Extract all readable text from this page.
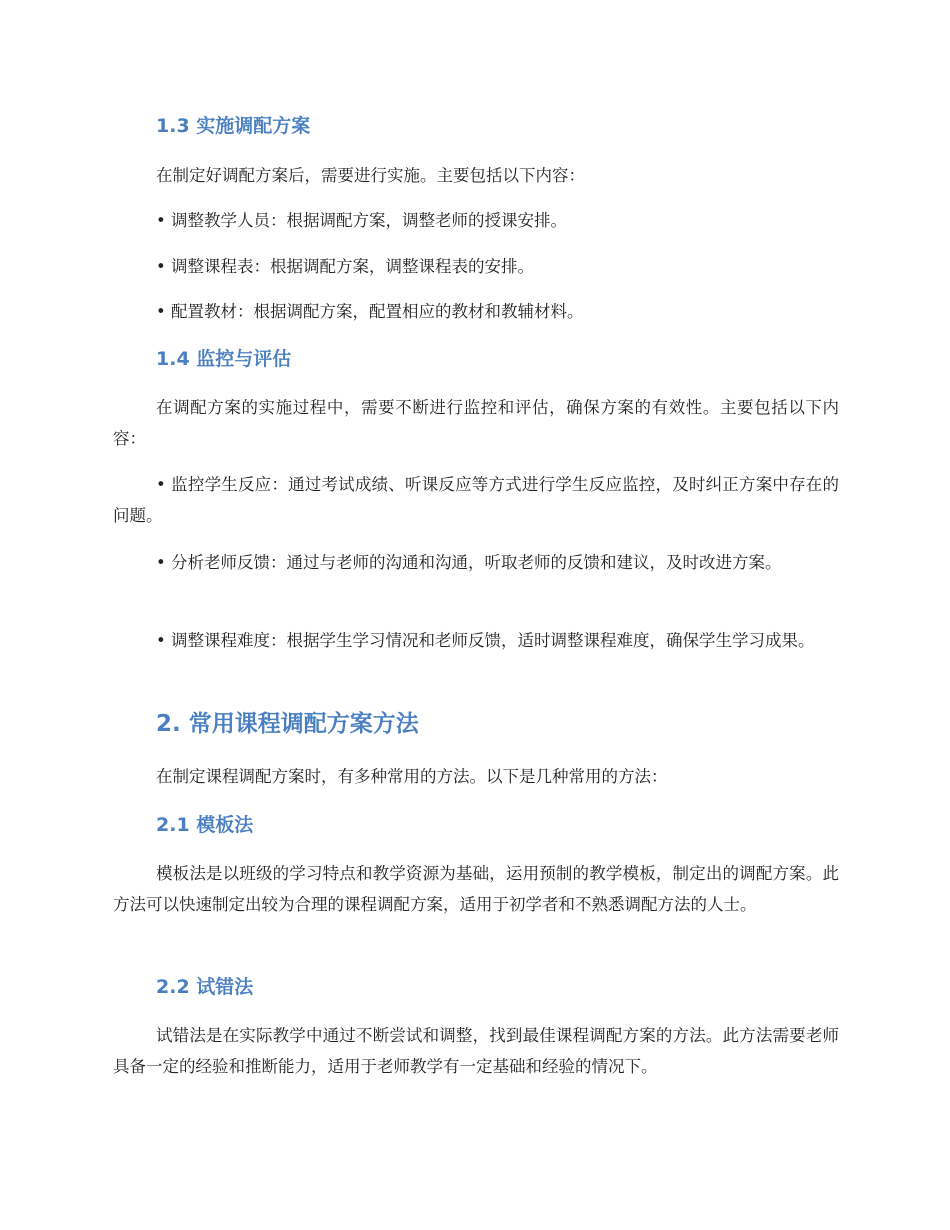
1.3 实施调配方案

在制定好调配方案后，需要进行实施。主要包括以下内容：

• 调整教学人员：根据调配方案，调整老师的授课安排。

• 调整课程表：根据调配方案，调整课程表的安排。

• 配置教材：根据调配方案，配置相应的教材和教辅材料。

1.4 监控与评估

在调配方案的实施过程中，需要不断进行监控和评估，确保方案的有效性。主要包括以下内容：

• 监控学生反应：通过考试成绩、听课反应等方式进行学生反应监控，及时纠正方案中存在的问题。

• 分析老师反馈：通过与老师的沟通和沟通，听取老师的反馈和建议，及时改进方案。

• 调整课程难度：根据学生学习情况和老师反馈，适时调整课程难度，确保学生学习成果。

2. 常用课程调配方案方法

在制定课程调配方案时，有多种常用的方法。以下是几种常用的方法：

2.1 模板法

模板法是以班级的学习特点和教学资源为基础，运用预制的教学模板，制定出的调配方案。此方法可以快速制定出较为合理的课程调配方案，适用于初学者和不熟悉调配方法的人士。

2.2 试错法

试错法是在实际教学中通过不断尝试和调整，找到最佳课程调配方案的方法。此方法需要老师具备一定的经验和推断能力，适用于老师教学有一定基础和经验的情况下。
